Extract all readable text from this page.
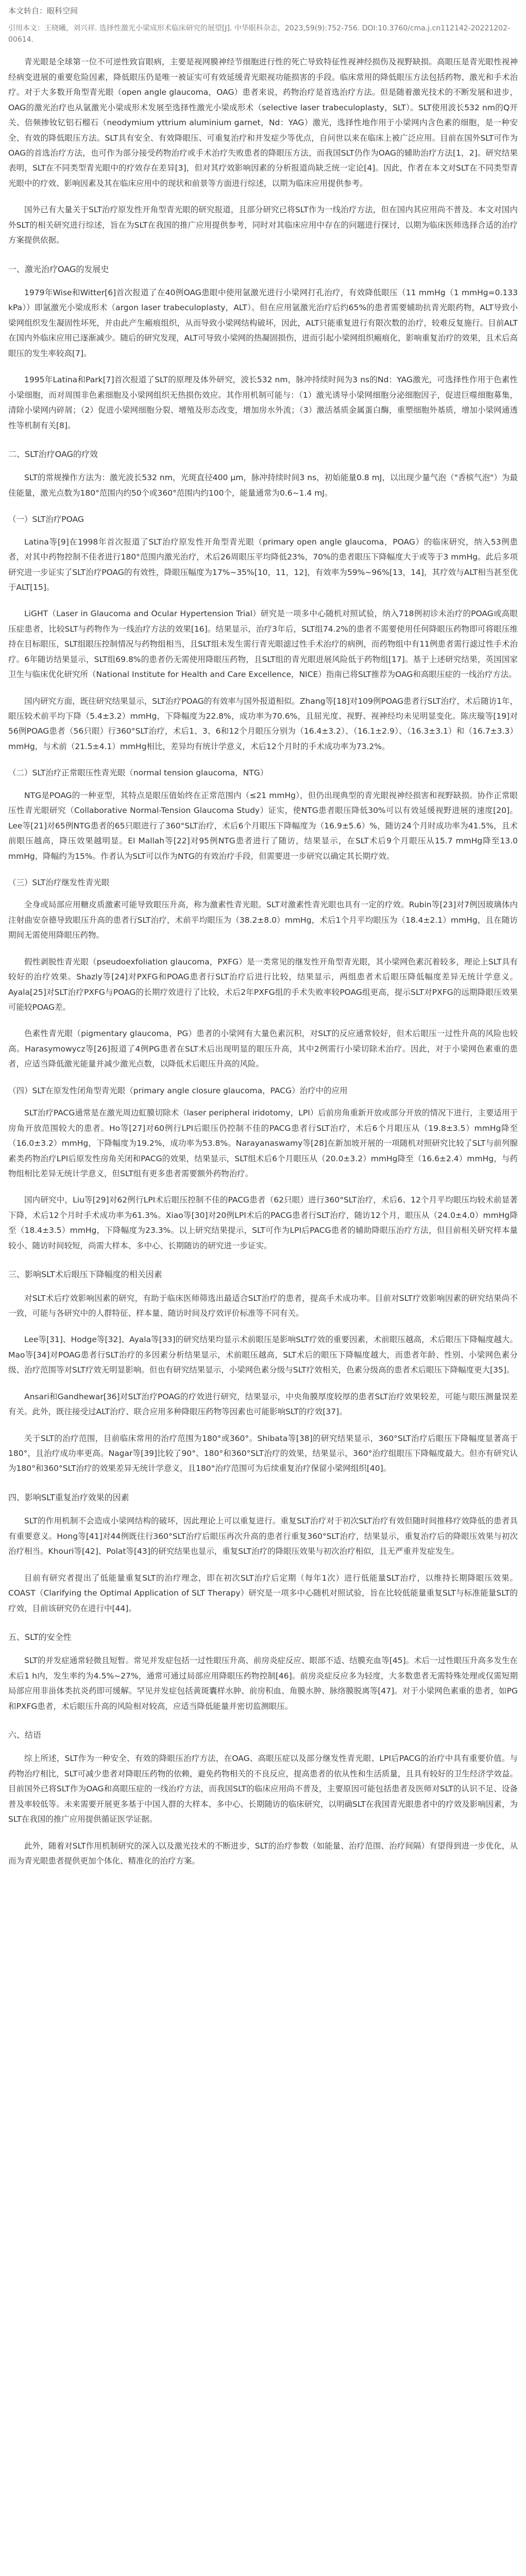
本文转自：眼科空间
引用本文：王晓曦，刘兴祥. 选择性激光小梁成形术临床研究的展望[J]. 中华眼科杂志，2023,59(9):752-756. DOI:10.3760/cma.j.cn112142-20221202-00614.

青光眼是全球第一位不可逆性致盲眼病，主要是视网膜神经节细胞进行性的死亡导致特征性视神经损伤及视野缺损。高眼压是青光眼性视神经病变进展的重要危险因素，降低眼压仍是唯一被证实可有效延缓青光眼视功能损害的手段。临床常用的降低眼压方法包括药物、激光和手术治疗。对于大多数开角型青光眼（open angle glaucoma，OAG）患者来说，药物治疗是首选治疗方法。但是随着激光技术的不断发展和进步，OAG的激光治疗也从氩激光小梁成形术发展至选择性激光小梁成形术（selective laser trabeculoplasty，SLT）。SLT使用波长532 nm的Q开关、倍频掺钕钇铝石榴石（neodymium yttrium aluminium garnet，Nd：YAG）激光，选择性地作用于小梁网内含色素的细胞，是一种安全、有效的降低眼压方法。SLT具有安全、有效降眼压、可重复治疗和并发症少等优点，自问世以来在临床上被广泛应用。目前在国外SLT可作为OAG的首选治疗方法，也可作为部分接受药物治疗或手术治疗失败患者的降眼压方法，而我国SLT仍作为OAG的辅助治疗方法[1，2]。研究结果表明，SLT在不同类型青光眼中的疗效存在差异[3]，但对其疗效影响因素的分析报道尚缺乏统一定论[4]。因此，作者在本文对SLT在不同类型青光眼中的疗效、影响因素及其在临床应用中的现状和前景等方面进行综述，以期为临床应用提供参考。

国外已有大量关于SLT治疗原发性开角型青光眼的研究报道，且部分研究已将SLT作为一线治疗方法，但在国内其应用尚不普及。本文对国内外SLT的相关研究进行综述，旨在为SLT在我国的推广应用提供参考，同时对其临床应用中存在的问题进行探讨，以期为临床医师选择合适的治疗方案提供依据。

一、激光治疗OAG的发展史

1979年Wise和Witter[6]首次报道了在40例OAG患眼中使用氩激光进行小梁网打孔治疗，有效降低眼压（11 mmHg（1 mmHg=0.133 kPa））即氩激光小梁成形术（argon laser trabeculoplasty，ALT）。但在应用氩激光治疗后约65%的患者需要辅助抗青光眼药物，ALT导致小梁网组织发生凝固性坏死，并由此产生瘢痕组织，从而导致小梁网结构破坏，因此，ALT只能重复进行有限次数的治疗，较难反复施行。目前ALT在国内外临床应用已逐渐减少。随后的研究发现，ALT可导致小梁网的热凝固损伤，进而引起小梁网组织瘢痕化，影响重复治疗的效果，且术后高眼压的发生率较高[7]。

1995年Latina和Park[7]首次报道了SLT的原理及体外研究，波长532 nm，脉冲持续时间为3 ns的Nd：YAG激光，可选择性作用于色素性小梁细胞，而对周围非色素细胞及小梁网组织无热损伤效应。其作用机制可能与：（1）激光诱导小梁网细胞分泌细胞因子，促进巨噬细胞募集，清除小梁网内碎屑；（2）促进小梁网细胞分裂、增殖及形态改变，增加房水外流；（3）激活基质金属蛋白酶，重塑细胞外基质，增加小梁网通透性等机制有关[8]。

二、SLT治疗OAG的疗效

SLT的常规操作方法为：激光波长532 nm，光斑直径400 μm，脉冲持续时间3 ns，初始能量0.8 mJ，以出现少量气泡（"香槟气泡"）为最佳能量，激光点数为180°范围内约50个或360°范围内约100个，能量通常为0.6~1.4 mJ。

（一）SLT治疗POAG

Latina等[9]在1998年首次报道了SLT治疗原发性开角型青光眼（primary open angle glaucoma，POAG）的临床研究，纳入53例患者，对其中药物控制不佳者进行180°范围内激光治疗，术后26周眼压平均降低23%，70%的患者眼压下降幅度大于或等于3 mmHg。此后多项研究进一步证实了SLT治疗POAG的有效性，降眼压幅度为17%~35%[10，11，12]，有效率为59%~96%[13，14]，其疗效与ALT相当甚至优于ALT[15]。

LiGHT（Laser in Glaucoma and Ocular Hypertension Trial）研究是一项多中心随机对照试验，纳入718例初诊未治疗的POAG或高眼压症患者，比较SLT与药物作为一线治疗方法的效果[16]。结果显示，治疗3年后，SLT组74.2%的患者不需要使用任何降眼压药物即可将眼压维持在目标眼压，SLT组眼压控制情况与药物组相当，且SLT组未发生需行青光眼滤过性手术治疗的病例，而药物组中有11例患者需行滤过性手术治疗。6年随访结果显示，SLT组69.8%的患者仍无需使用降眼压药物，且SLT组的青光眼进展风险低于药物组[17]。基于上述研究结果，英国国家卫生与临床优化研究所（National Institute for Health and Care Excellence，NICE）指南已将SLT推荐为OAG和高眼压症的一线治疗方法。

国内研究方面，既往研究结果显示，SLT治疗POAG的有效率与国外报道相似。Zhang等[18]对109例POAG患者行SLT治疗，术后随访1年，眼压较术前平均下降（5.4±3.2）mmHg，下降幅度为22.8%，成功率为70.6%，且屈光度、视野、视神经均未见明显变化。陈庆璇等[19]对56例POAG患者（56只眼）行360°SLT治疗，术后1、3、6和12个月眼压分别为（16.4±3.2）、（16.1±2.9）、（16.3±3.1）和（16.7±3.3）mmHg，与术前（21.5±4.1）mmHg相比，差异均有统计学意义，术后12个月时的手术成功率为73.2%。

（二）SLT治疗正常眼压性青光眼（normal tension glaucoma，NTG）

NTG是POAG的一种亚型，其特点是眼压值始终在正常范围内（≤21 mmHg），但仍出现典型的青光眼视神经损害和视野缺损。协作正常眼压性青光眼研究（Collaborative Normal-Tension Glaucoma Study）证实，使NTG患者眼压降低30%可以有效延缓视野进展的速度[20]。Lee等[21]对65例NTG患者的65只眼进行了360°SLT治疗，术后6个月眼压下降幅度为（16.9±5.6）%，随访24个月时成功率为41.5%，且术前眼压越高，降压效果越明显。El Mallah等[22]对95例NTG患者进行了随访，结果显示，在SLT术后9个月眼压从15.7 mmHg降至13.0 mmHg，降幅约为15%。作者认为SLT可以作为NTG的有效治疗手段，但需要进一步研究以确定其长期疗效。

（三）SLT治疗继发性青光眼

全身或局部应用糖皮质激素可能导致眼压升高，称为激素性青光眼。SLT对激素性青光眼也具有一定的疗效。Rubin等[23]对7例因玻璃体内注射曲安奈德导致眼压升高的患者行SLT治疗，术前平均眼压为（38.2±8.0）mmHg，术后1个月平均眼压为（18.4±2.1）mmHg，且在随访期间无需使用降眼压药物。

假性剥脱性青光眼（pseudoexfoliation glaucoma，PXFG）是一类常见的继发性开角型青光眼，其小梁网色素沉着较多，理论上SLT具有较好的治疗效果。Shazly等[24]对PXFG和POAG患者行SLT治疗后进行比较，结果显示，两组患者术后眼压降低幅度差异无统计学意义。Ayala[25]对SLT治疗PXFG与POAG的长期疗效进行了比较，术后2年PXFG组的手术失败率较POAG组更高，提示SLT对PXFG的远期降眼压效果可能较POAG差。

色素性青光眼（pigmentary glaucoma，PG）患者的小梁网有大量色素沉积，对SLT的反应通常较好，但术后眼压一过性升高的风险也较高。Harasymowycz等[26]报道了4例PG患者在SLT术后出现明显的眼压升高，其中2例需行小梁切除术治疗。因此，对于小梁网色素重的患者，应适当降低激光能量并减少激光点数，以降低术后眼压升高的风险。

（四）SLT在原发性闭角型青光眼（primary angle closure glaucoma，PACG）治疗中的应用

SLT治疗PACG通常是在激光周边虹膜切除术（laser peripheral iridotomy，LPI）后前房角重新开放或部分开放的情况下进行，主要适用于房角开放范围较大的患者。Ho等[27]对60例行LPI后眼压仍控制不佳的PACG患者行SLT治疗，术后6个月眼压从（19.8±3.5）mmHg降至（16.0±3.2）mmHg，下降幅度为19.2%，成功率为53.8%。Narayanaswamy等[28]在新加坡开展的一项随机对照研究比较了SLT与前列腺素类药物治疗LPI后原发性房角关闭和PACG的效果，结果显示，SLT组术后6个月眼压从（20.0±3.2）mmHg降至（16.6±2.4）mmHg，与药物组相比差异无统计学意义，但SLT组有更多患者需要额外药物治疗。

国内研究中，Liu等[29]对62例行LPI术后眼压控制不佳的PACG患者（62只眼）进行360°SLT治疗，术后6、12个月平均眼压均较术前显著下降，术后12个月时手术成功率为61.3%。Xiao等[30]对20例LPI术后的PACG患者行SLT治疗，随访12个月，眼压从（24.0±4.0）mmHg降至（18.4±3.5）mmHg，下降幅度为23.3%。以上研究结果提示，SLT可作为LPI后PACG患者的辅助降眼压治疗方法，但目前相关研究样本量较小、随访时间较短，尚需大样本、多中心、长期随访的研究进一步证实。

三、影响SLT术后眼压下降幅度的相关因素

对SLT术后疗效影响因素的研究，有助于临床医师筛选出最适合SLT治疗的患者，提高手术成功率。目前对SLT疗效影响因素的研究结果尚不一致，可能与各研究中的人群特征、样本量、随访时间及疗效评价标准等不同有关。

Lee等[31]、Hodge等[32]、Ayala等[33]的研究结果均显示术前眼压是影响SLT疗效的重要因素，术前眼压越高，术后眼压下降幅度越大。Mao等[34]对POAG患者行SLT治疗的多因素分析结果显示，术前眼压越高，SLT术后的眼压下降幅度越大，而患者年龄、性别、小梁网色素分级、治疗范围等对SLT疗效无明显影响。但也有研究结果显示，小梁网色素分级与SLT疗效相关，色素分级高的患者术后眼压下降幅度更大[35]。

Ansari和Gandhewar[36]对SLT治疗POAG的疗效进行研究，结果显示，中央角膜厚度较厚的患者SLT治疗效果较差，可能与眼压测量误差有关。此外，既往接受过ALT治疗、联合应用多种降眼压药物等因素也可能影响SLT的疗效[37]。

关于SLT的治疗范围，目前临床常用的治疗范围为180°或360°。Shibata等[38]的研究结果显示，360°SLT治疗后眼压下降幅度显著高于180°，且治疗成功率更高。Nagar等[39]比较了90°、180°和360°SLT治疗的效果，结果显示，360°治疗组眼压下降幅度最大。但亦有研究认为180°和360°SLT治疗的效果差异无统计学意义，且180°治疗范围可为后续重复治疗保留小梁网组织[40]。

四、影响SLT重复治疗效果的因素

SLT的作用机制不会造成小梁网结构的破坏，因此理论上可以重复进行。重复SLT治疗对于初次SLT治疗有效但随时间推移疗效降低的患者具有重要意义。Hong等[41]对44例既往行360°SLT治疗后眼压再次升高的患者行重复360°SLT治疗，结果显示，重复治疗后的降眼压效果与初次治疗相当。Khouri等[42]、Polat等[43]的研究结果也显示，重复SLT治疗的降眼压效果与初次治疗相似，且无严重并发症发生。

目前有研究者提出了低能量重复SLT的治疗理念，即在初次SLT治疗后定期（每年1次）进行低能量SLT治疗，以维持长期降眼压效果。COAST（Clarifying the Optimal Application of SLT Therapy）研究是一项多中心随机对照试验，旨在比较低能量重复SLT与标准能量SLT的疗效，目前该研究仍在进行中[44]。

五、SLT的安全性

SLT的并发症通常轻微且短暂。常见并发症包括一过性眼压升高、前房炎症反应、眼部不适、结膜充血等[45]。术后一过性眼压升高多发生在术后1 h内，发生率约为4.5%~27%，通常可通过局部应用降眼压药物控制[46]。前房炎症反应多为轻度，大多数患者无需特殊处理或仅需短期局部应用非甾体类抗炎药即可缓解。罕见并发症包括黄斑囊样水肿、前房积血、角膜水肿、脉络膜脱离等[47]。对于小梁网色素重的患者，如PG和PXFG患者，术后眼压升高的风险相对较高，应适当降低能量并密切监测眼压。

六、结语

综上所述，SLT作为一种安全、有效的降眼压治疗方法，在OAG、高眼压症以及部分继发性青光眼、LPI后PACG的治疗中具有重要价值。与药物治疗相比，SLT可减少患者对降眼压药物的依赖，避免药物相关的不良反应，提高患者的依从性和生活质量，且具有较好的卫生经济学效益。目前国外已将SLT作为OAG和高眼压症的一线治疗方法，而我国SLT的临床应用尚不普及，主要原因可能包括患者及医师对SLT的认识不足、设备普及率较低等。未来需要开展更多基于中国人群的大样本、多中心、长期随访的临床研究，以明确SLT在我国青光眼患者中的疗效及影响因素，为SLT在我国的推广应用提供循证医学证据。

此外，随着对SLT作用机制研究的深入以及激光技术的不断进步，SLT的治疗参数（如能量、治疗范围、治疗间隔）有望得到进一步优化，从而为青光眼患者提供更加个体化、精准化的治疗方案。
